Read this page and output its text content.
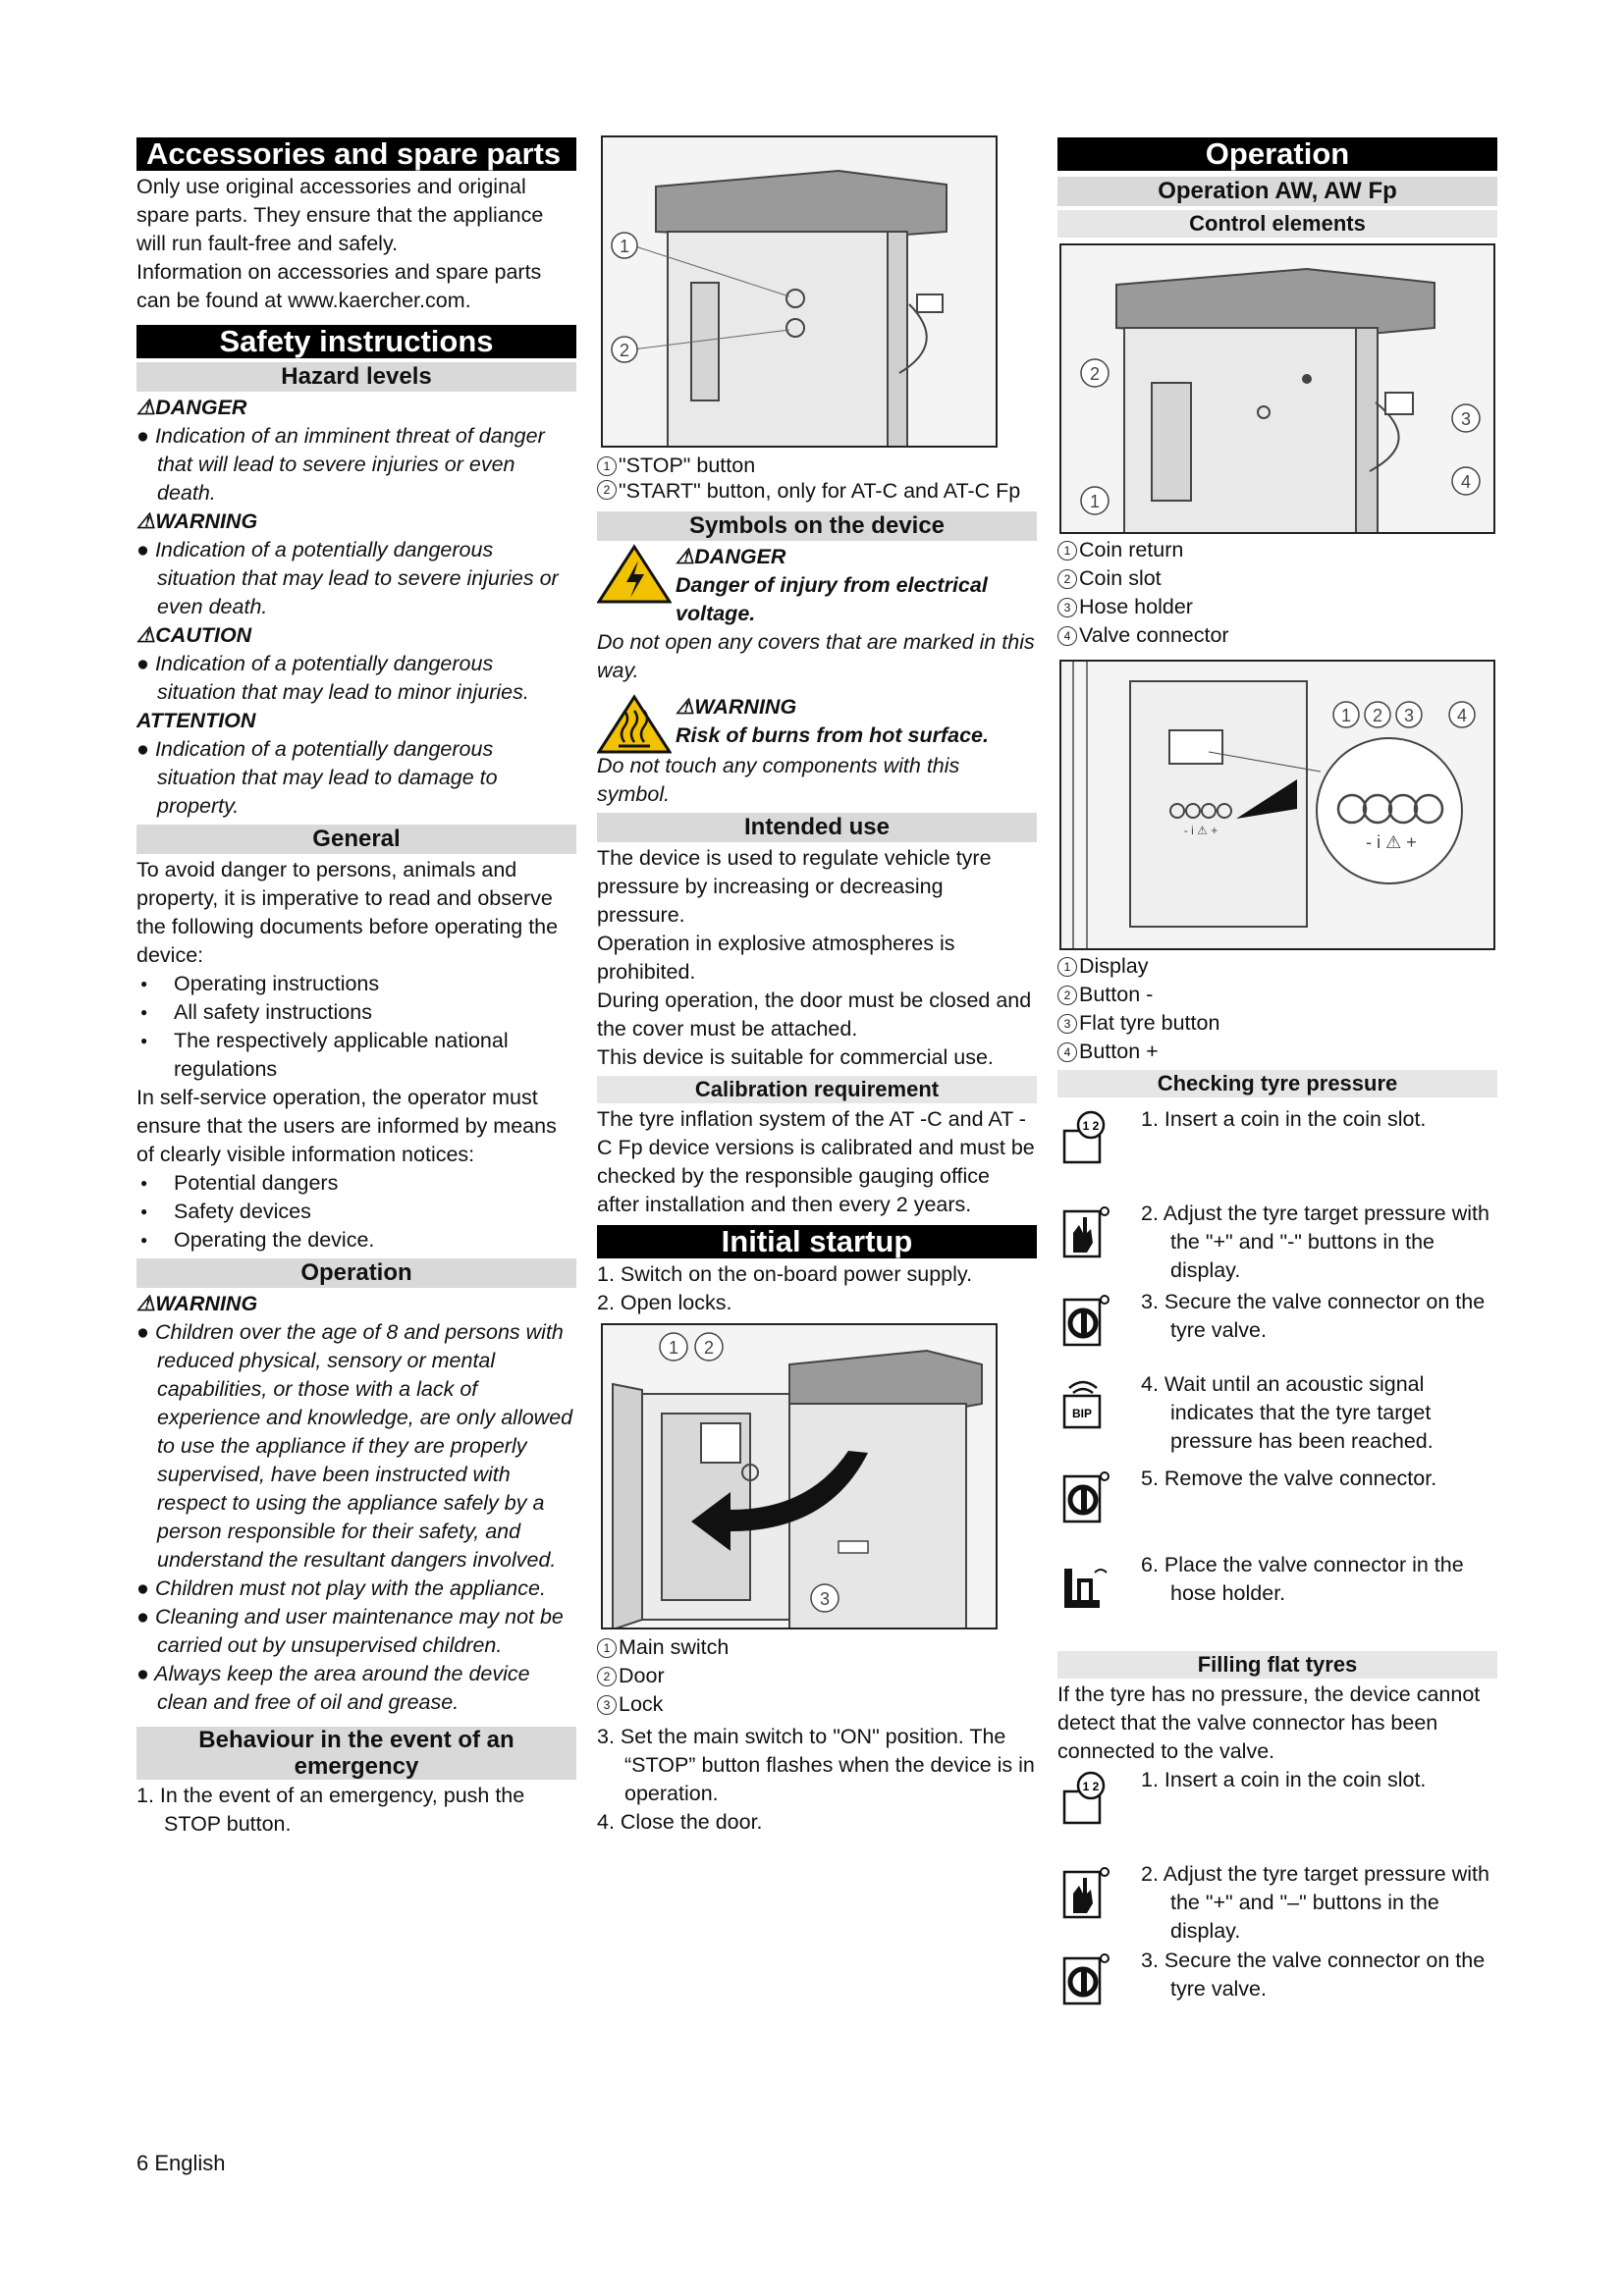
Accessories and spare parts

Only use original accessories and original spare parts. They ensure that the appliance will run fault-free and safely.

Information on accessories and spare parts can be found at www.kaercher.com.

Safety instructions
Hazard levels

⚠DANGER

● Indication of an imminent threat of danger that will lead to severe injuries or even death.

⚠WARNING

● Indication of a potentially dangerous situation that may lead to severe injuries or even death.

⚠CAUTION

● Indication of a potentially dangerous situation that may lead to minor injuries.

ATTENTION

● Indication of a potentially dangerous situation that may lead to damage to property.

General

To avoid danger to persons, animals and property, it is imperative to read and observe the following documents before operating the device:

● Operating instructions

● All safety instructions

● The respectively applicable national regulations

In self-service operation, the operator must ensure that the users are informed by means of clearly visible information notices:

● Potential dangers

● Safety devices

● Operating the device.

Operation

⚠WARNING

● Children over the age of 8 and persons with reduced physical, sensory or mental capabilities, or those with a lack of experience and knowledge, are only allowed to use the appliance if they are properly supervised, have been instructed with respect to using the appliance safely by a person responsible for their safety, and understand the resultant dangers involved.

● Children must not play with the appliance.

● Cleaning and user maintenance may not be carried out by unsupervised children.

● Always keep the area around the device clean and free of oil and grease.

Behaviour in the event of an emergency

1. In the event of an emergency, push the STOP button.

1
2
1 "STOP" button
2 "START" button, only for AT-C and AT-C Fp
Symbols on the device

⚠DANGER

Danger of injury from electrical voltage.

Do not open any covers that are marked in this way.

⚠WARNING

Risk of burns from hot surface.

Do not touch any components with this symbol.

Intended use

The device is used to regulate vehicle tyre pressure by increasing or decreasing pressure.

Operation in explosive atmospheres is prohibited.

During operation, the door must be closed and the cover must be attached.

This device is suitable for commercial use.

Calibration requirement

The tyre inflation system of the AT -C and AT -C Fp device versions is calibrated and must be checked by the responsible gauging office after installation and then every 2 years.

Initial startup

1. Switch on the on-board power supply.

2. Open locks.

1 2
3
1 Main switch
2 Door
3 Lock

3. Set the main switch to "ON" position. The “STOP” button flashes when the device is in operation.

4. Close the door.

Operation
Operation AW, AW Fp
Control elements
2
1
3
4
1 Coin return
2 Coin slot
3 Hose holder
4 Valve connector
- i ⚠ +
- i ⚠ +
1 2 3 4
1 Display
2 Button -
3 Flat tyre button
4 Button +
Checking tyre pressure
1 2 1. Insert a coin in the coin slot.

2. Adjust the tyre target pressure with the "+" and "-" buttons in the display.

3. Secure the valve connector on the tyre valve.

BIP

4. Wait until an acoustic signal indicates that the tyre target pressure has been reached.

5. Remove the valve connector.

6. Place the valve connector in the hose holder.

Filling flat tyres

If the tyre has no pressure, the device cannot detect that the valve connector has been connected to the valve.

1 2 1. Insert a coin in the coin slot.

2. Adjust the tyre target pressure with the "+" and "–" buttons in the display.

3. Secure the valve connector on the tyre valve.

6 English
